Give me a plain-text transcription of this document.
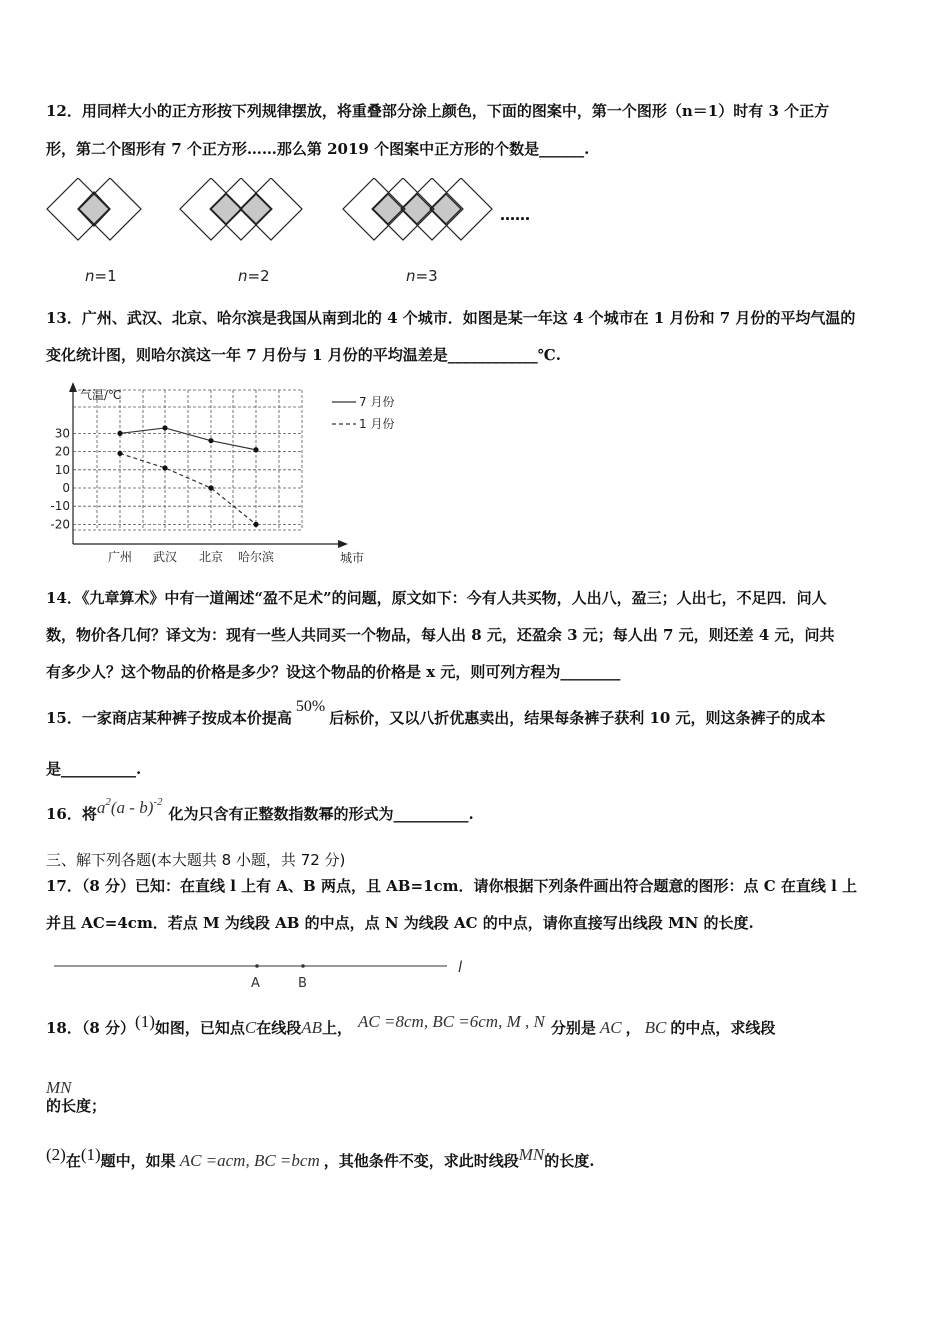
12．用同样大小的正方形按下列规律摆放，将重叠部分涂上颜色，下面的图案中，第一个图形（n＝1）时有 3 个正方
形，第二个图形有 7 个正方形……那么第 2019 个图案中正方形的个数是______.
……
n=1	n=2	n=3
13．广州、武汉、北京、哈尔滨是我国从南到北的 4 个城市．如图是某一年这 4 个城市在 1 月份和 7 月份的平均气温的
变化统计图，则哈尔滨这一年 7 月份与 1 月份的平均温差是____________℃.
气温/℃
城市
30
20
10
0
-10
-20
广州 武汉 北京 哈尔滨
7 月份
1 月份
14．《九章算术》中有一道阐述“盈不足术”的问题，原文如下：今有人共买物，人出八，盈三；人出七，不足四．问人
数，物价各几何？译文为：现有一些人共同买一个物品，每人出 8 元，还盈余 3 元；每人出 7 元，则还差 4 元，问共
有多少人？这个物品的价格是多少？设这个物品的价格是 x 元，则可列方程为________
15．一家商店某种裤子按成本价提高50%后标价，又以八折优惠卖出，结果每条裤子获利 10 元，则这条裤子的成本
是__________.
16．将$a^2(a - b)^{-2}$化为只含有正整数指数幂的形式为__________.
三、解下列各题(本大题共 8 小题，共 72 分)
17．（8 分）已知：在直线 l 上有 A、B 两点，且 AB=1cm．请你根据下列条件画出符合题意的图形：点 C 在直线 l 上
并且 AC=4cm．若点 M 为线段 AB 的中点，点 N 为线段 AC 的中点，请你直接写出线段 MN 的长度.
A	B
l
18．（8 分）(1)如图，已知点C在线段AB上， AC =8cm, BC =6cm, M , N 分别是 AC ， BC 的中点，求线段
MN
的长度；
(2)在(1)题中，如果 AC =acm, BC =bcm ，其他条件不变，求此时线段MN的长度.
